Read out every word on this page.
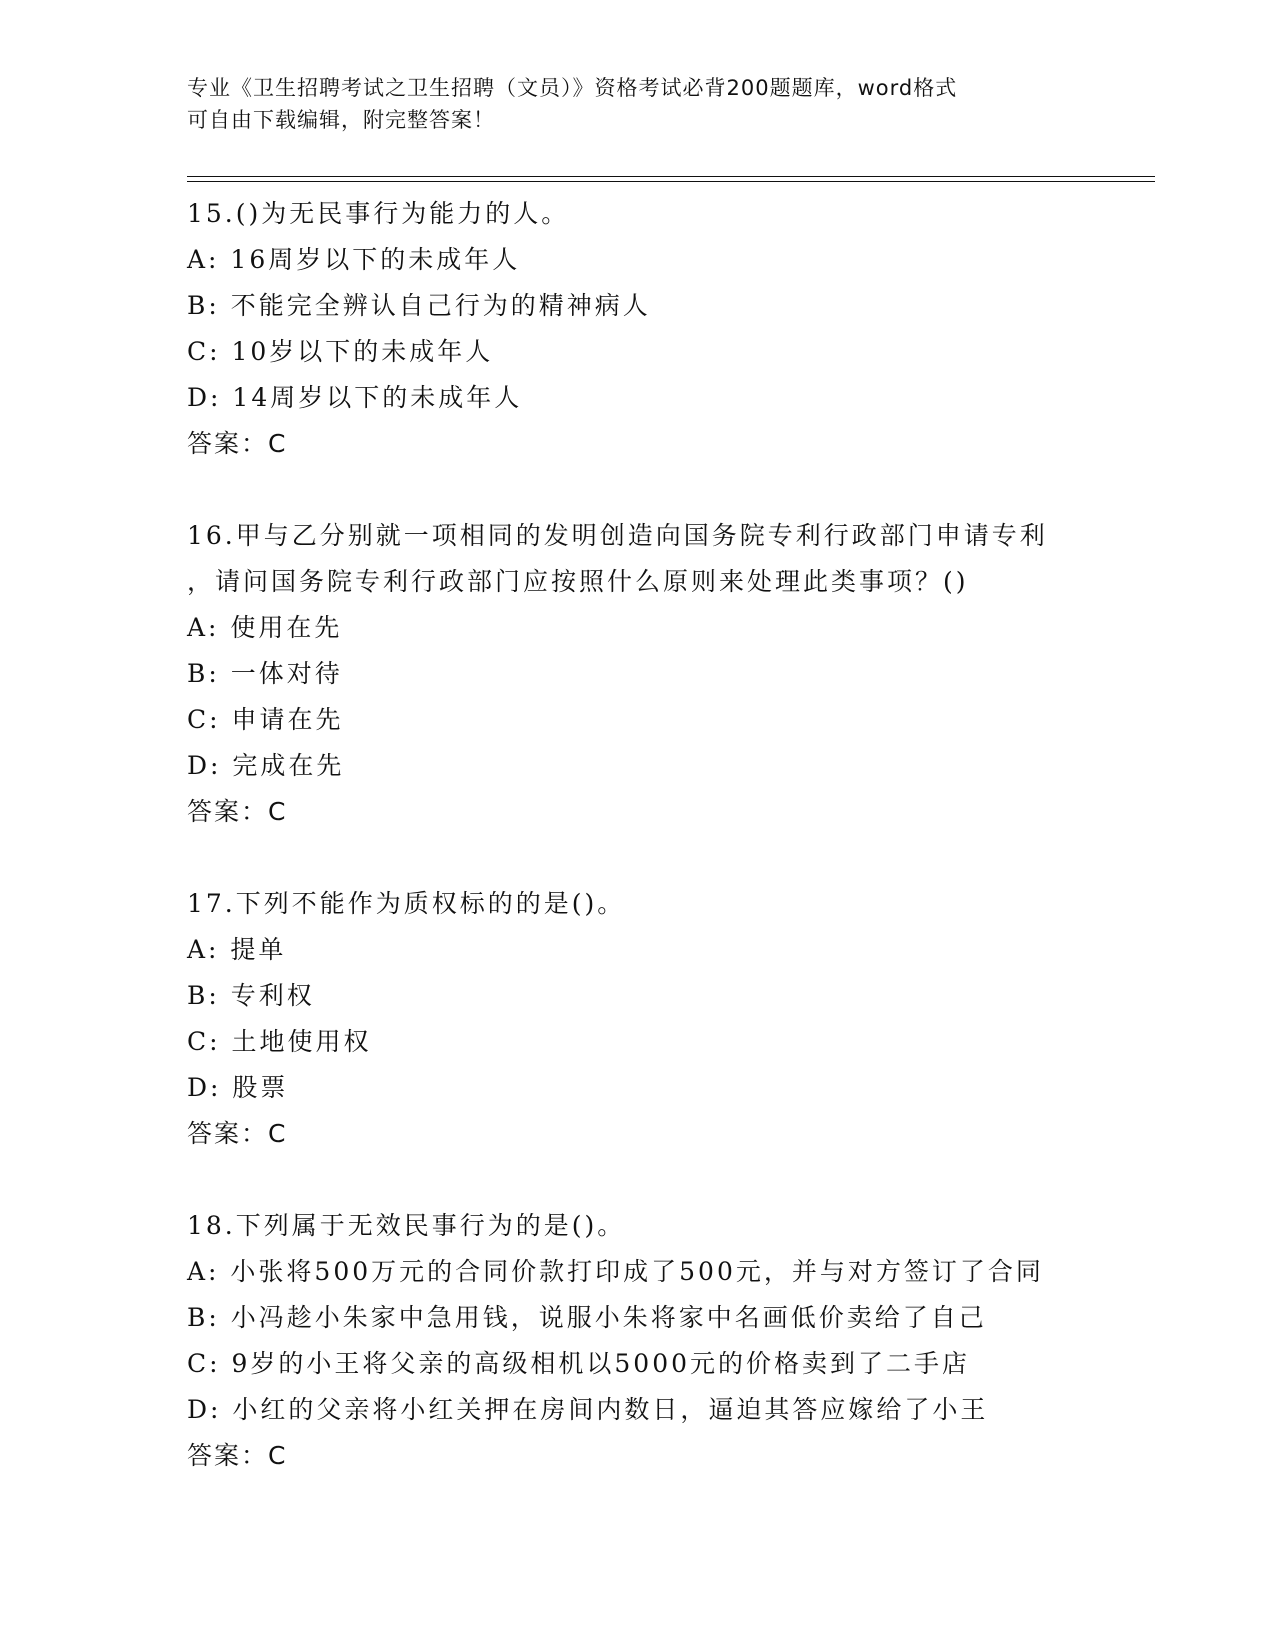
专业《卫生招聘考试之卫生招聘（文员）》资格考试必背200题题库，word格式
可自由下载编辑，附完整答案！
15.()为无民事行为能力的人。
A: 16周岁以下的未成年人
B: 不能完全辨认自己行为的精神病人
C: 10岁以下的未成年人
D: 14周岁以下的未成年人
答案：C
16.甲与乙分别就一项相同的发明创造向国务院专利行政部门申请专利
，请问国务院专利行政部门应按照什么原则来处理此类事项？()
A: 使用在先
B: 一体对待
C: 申请在先
D: 完成在先
答案：C
17.下列不能作为质权标的的是()。
A: 提单
B: 专利权
C: 土地使用权
D: 股票
答案：C
18.下列属于无效民事行为的是()。
A: 小张将500万元的合同价款打印成了500元，并与对方签订了合同
B: 小冯趁小朱家中急用钱，说服小朱将家中名画低价卖给了自己
C: 9岁的小王将父亲的高级相机以5000元的价格卖到了二手店
D: 小红的父亲将小红关押在房间内数日，逼迫其答应嫁给了小王
答案：C
